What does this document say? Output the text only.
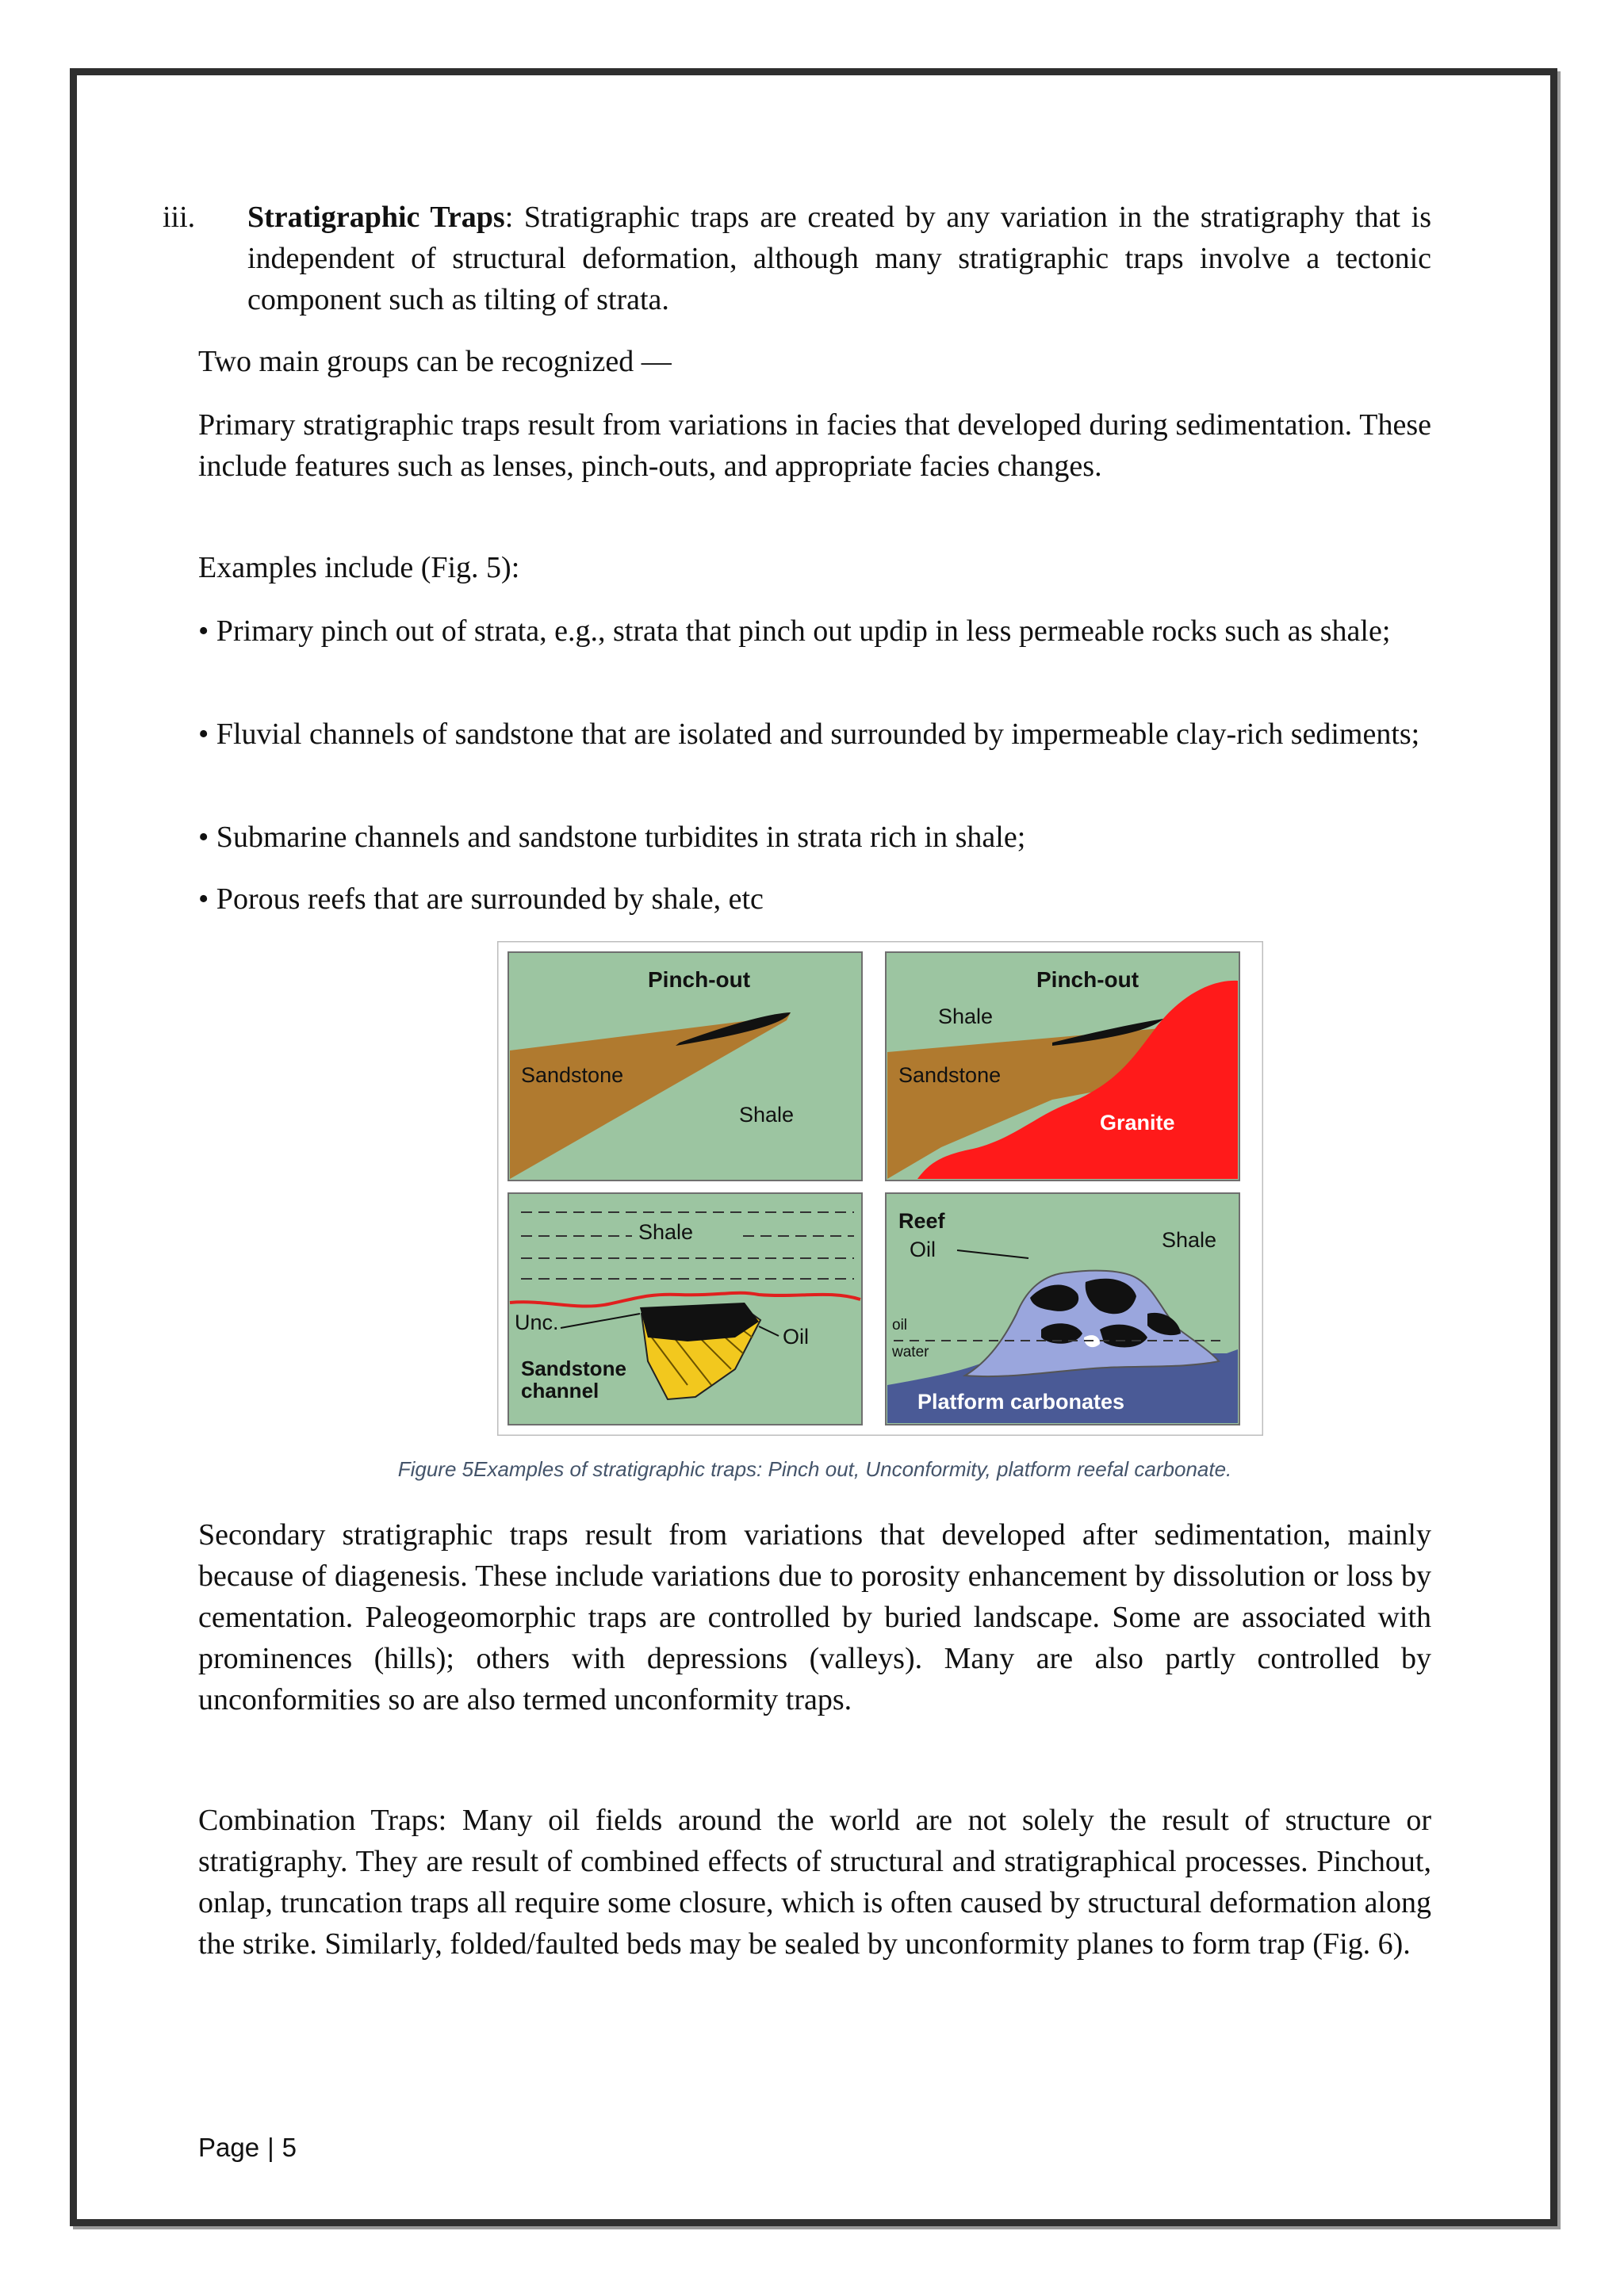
iii. Stratigraphic Traps: Stratigraphic traps are created by any variation in the stratigraphy that is independent of structural deformation, although many stratigraphic traps involve a tectonic component such as tilting of strata.

Two main groups can be recognized —

Primary stratigraphic traps result from variations in facies that developed during sedimentation. These include features such as lenses, pinch-outs, and appropriate facies changes.

Examples include (Fig. 5):

• Primary pinch out of strata, e.g., strata that pinch out updip in less permeable rocks such as shale;

• Fluvial channels of sandstone that are isolated and surrounded by impermeable clay-rich sediments;

• Submarine channels and sandstone turbidites in strata rich in shale;

• Porous reefs that are surrounded by shale, etc

Pinch-out
Sandstone
Shale
Pinch-out
Shale
Sandstone
Granite
Shale
Unc.
Oil
Sandstone
channel
Reef
Oil	Shale
oil
water
Platform carbonates
Figure 5Examples of stratigraphic traps: Pinch out, Unconformity, platform reefal carbonate.

Secondary stratigraphic traps result from variations that developed after sedimentation, mainly because of diagenesis. These include variations due to porosity enhancement by dissolution or loss by cementation. Paleogeomorphic traps are controlled by buried landscape. Some are associated with prominences (hills); others with depressions (valleys). Many are also partly controlled by unconformities so are also termed unconformity traps.

Combination Traps: Many oil fields around the world are not solely the result of structure or stratigraphy. They are result of combined effects of structural and stratigraphical processes. Pinchout, onlap, truncation traps all require some closure, which is often caused by structural deformation along the strike. Similarly, folded/faulted beds may be sealed by unconformity planes to form trap (Fig. 6).

Page | 5
